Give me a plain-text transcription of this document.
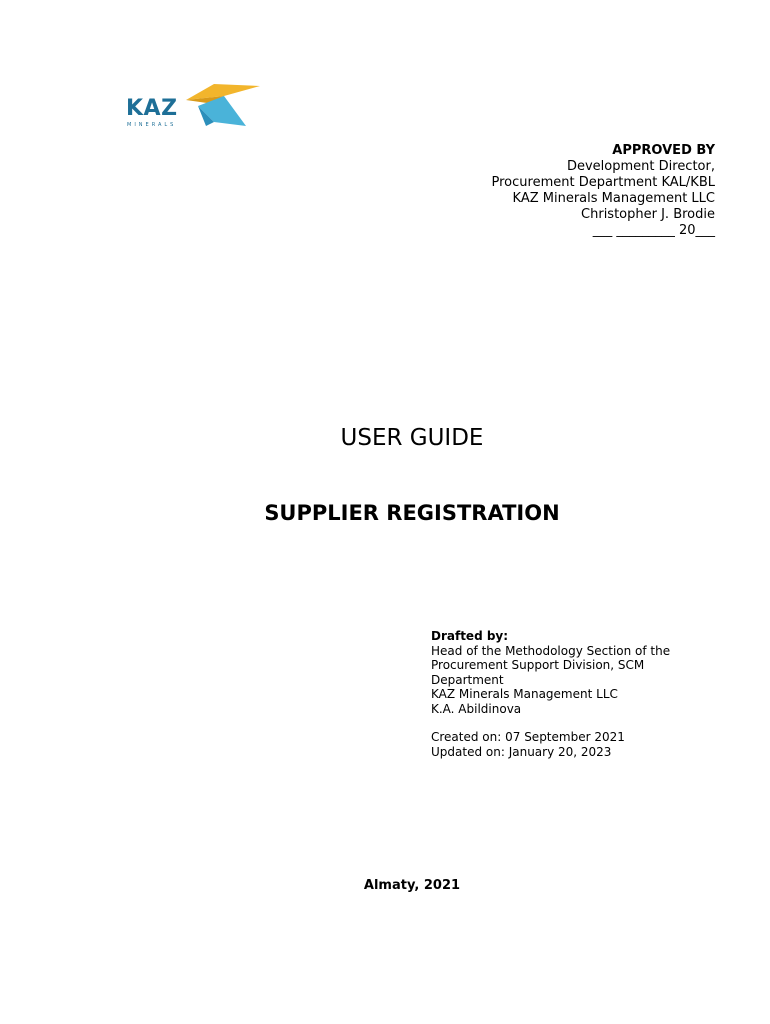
KAZ
MINERALS
APPROVED BY
Development Director,
Procurement Department KAL/KBL
KAZ Minerals Management LLC
Christopher J. Brodie
___ _________ 20___
USER GUIDE
SUPPLIER REGISTRATION
Drafted by:
Head of the Methodology Section of the
Procurement Support Division, SCM
Department
KAZ Minerals Management LLC
K.A. Abildinova
Created on: 07 September 2021
Updated on: January 20, 2023
Almaty, 2021
